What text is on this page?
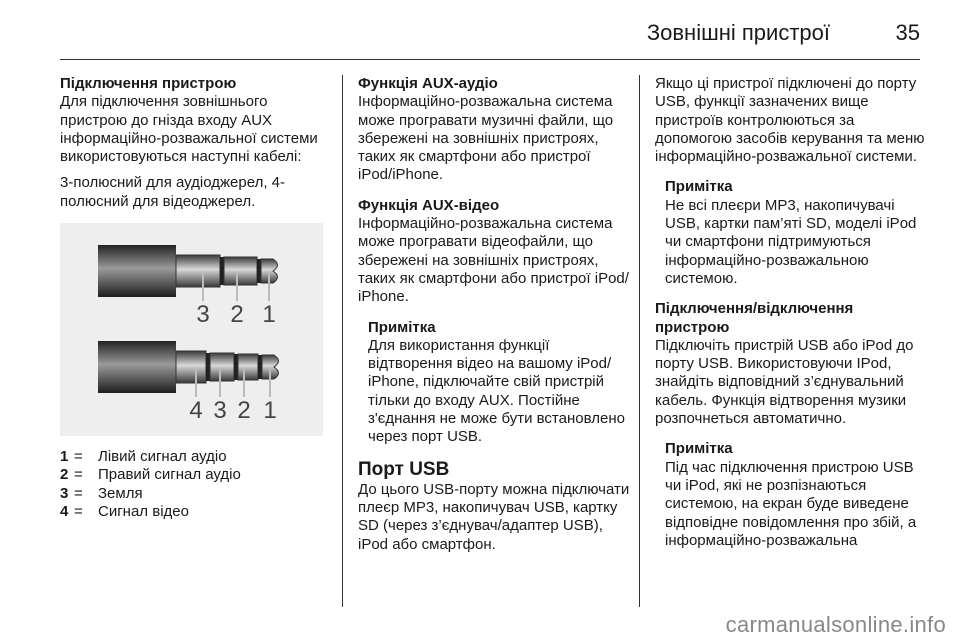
Зовнішні пристрої	35

Підключення пристрою

Для підключення зовнішнього пристрою до гнізда входу AUX інформаційно-розважальної системи використовуються наступні кабелі:

3-полюсний для аудіоджерел, 4-полюсний для відеоджерел.

3 2 1
4 3 2 1
1 =	Лівий сигнал аудіо
2 =	Правий сигнал аудіо
3 =	Земля
4 =	Сигнал відео

Функція AUX-аудіо

Інформаційно-розважальна система може програвати музичні файли, що збережені на зовнішніх пристроях, таких як смартфони або пристрої iPod/iPhone.

Функція AUX-відео

Інформаційно-розважальна система може програвати відеофайли, що збережені на зовнішніх пристроях, таких як смартфони або пристрої iPod/ iPhone.

Примітка

Для використання функції відтворення відео на вашому iPod/ iPhone, підключайте свій пристрій тільки до входу AUX. Постійне з'єднання не може бути встановлено через порт USB.

Порт USB

До цього USB-порту можна підключати плеєр MP3, накопичувач USB, картку SD (через з’єднувач/адаптер USB), iPod або смартфон.

Якщо ці пристрої підключені до порту USB, функції зазначених вище пристроїв контролюються за допомогою засобів керування та меню інформаційно-розважальної системи.

Примітка

Не всі плеєри MP3, накопичувачі USB, картки пам’яті SD, моделі iPod чи смартфони підтримуються інформаційно-розважальною системою.

Підключення/відключення пристрою

Підключіть пристрій USB або iPod до порту USB. Використовуючи IPod, знайдіть відповідний з’єднувальний кабель. Функція відтворення музики розпочнеться автоматично.

Примітка

Під час підключення пристрою USB чи iPod, які не розпізнаються системою, на екран буде виведене відповідне повідомлення про збій, а інформаційно-розважальна

carmanualsonline.info
